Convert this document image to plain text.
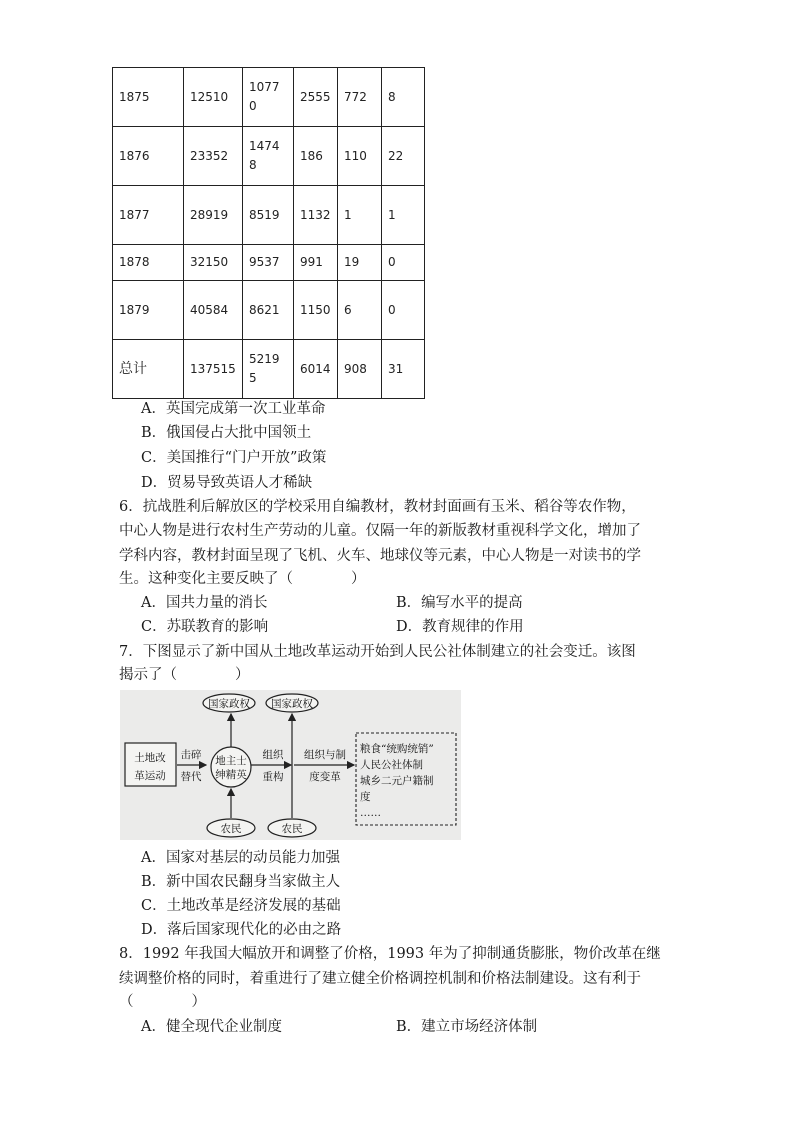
1875	12510	10770	2555	772	8
1876	23352	14748	186	110	22
1877	28919	8519	1132	1	1
1878	32150	9537	991	19	0
1879	40584	8621	1150	6	0
总计	137515	52195	6014	908	31
A．英国完成第一次工业革命
B．俄国侵占大批中国领土
C．美国推行“门户开放”政策
D．贸易导致英语人才稀缺
6．抗战胜利后解放区的学校采用自编教材，教材封面画有玉米、稻谷等农作物，
中心人物是进行农村生产劳动的儿童。仅隔一年的新版教材重视科学文化，增加了
学科内容，教材封面呈现了飞机、火车、地球仪等元素，中心人物是一对读书的学
生。这种变化主要反映了（　　　　）
A．国共力量的消长	B．编写水平的提高
C．苏联教育的影响	D．教育规律的作用
7．下图显示了新中国从土地改革运动开始到人民公社体制建立的社会变迁。该图
揭示了（　　　　）
国家政权 国家政权
土地改
革运动
击碎
替代
地主士
绅精英
组织
重构
组织与制
度变革
粮食“统购统销”
人民公社体制
城乡二元户籍制
度
……
农民	农民
A．国家对基层的动员能力加强
B．新中国农民翻身当家做主人
C．土地改革是经济发展的基础
D．落后国家现代化的必由之路
8．1992 年我国大幅放开和调整了价格，1993 年为了抑制通货膨胀，物价改革在继
续调整价格的同时，着重进行了建立健全价格调控机制和价格法制建设。这有利于
（　　　　）
A．健全现代企业制度	B．建立市场经济体制
